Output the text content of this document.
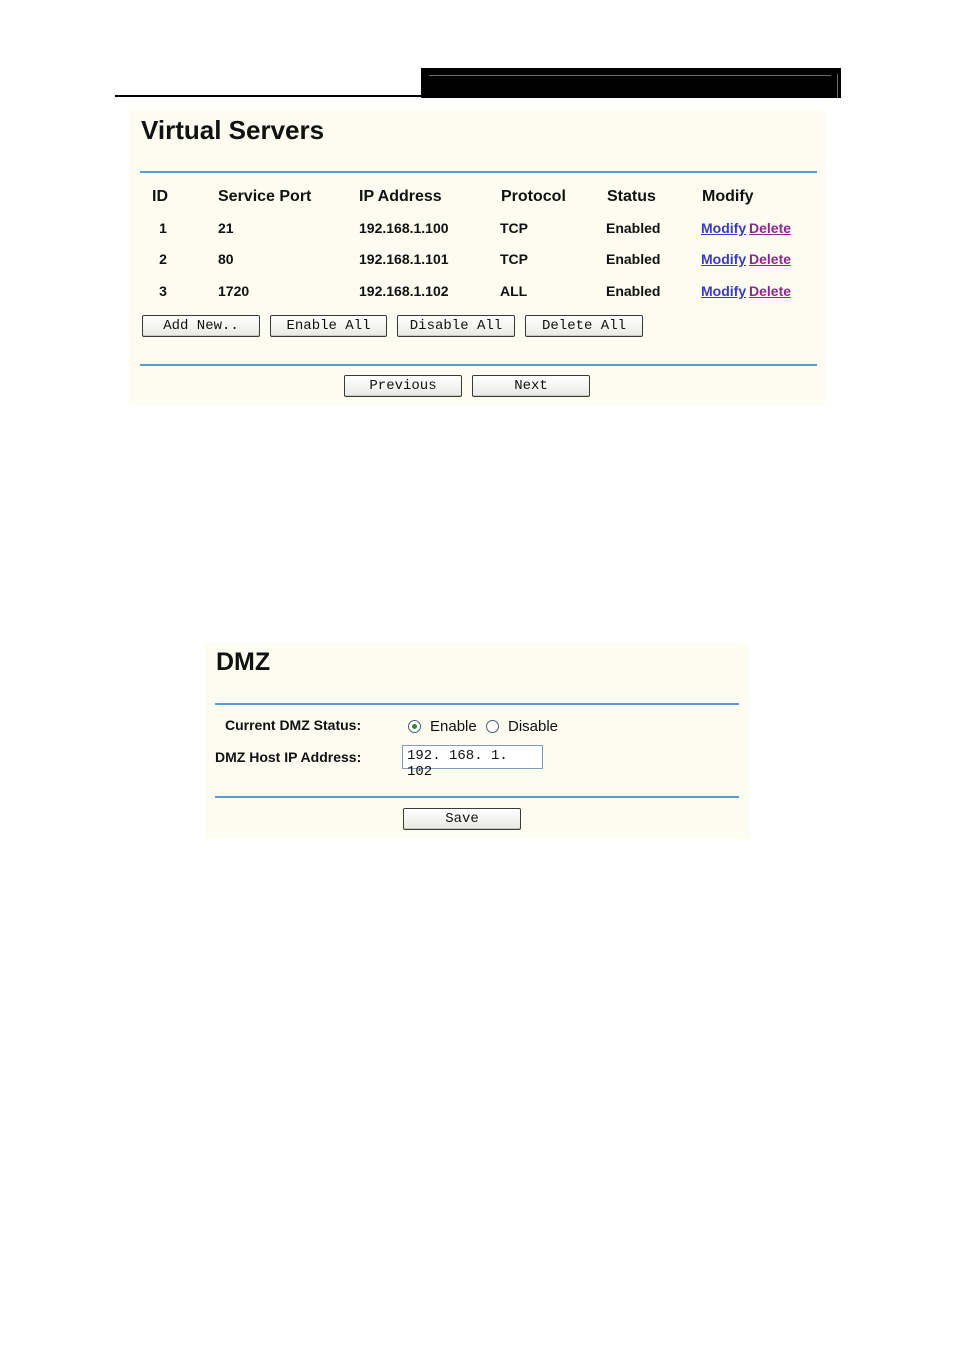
Virtual Servers
ID	Service Port	IP Address	Protocol	Status	Modify
1	21	192.168.1.100	TCP	Enabled	Modify Delete
2	80	192.168.1.101	TCP	Enabled	Modify Delete
3	1720	192.168.1.102	ALL	Enabled	Modify Delete
Add New..	Enable All	Disable All	Delete All
Previous	Next
DMZ
Current DMZ Status:	Enable Disable
DMZ Host IP Address:	192. 168. 1. 102
Save
